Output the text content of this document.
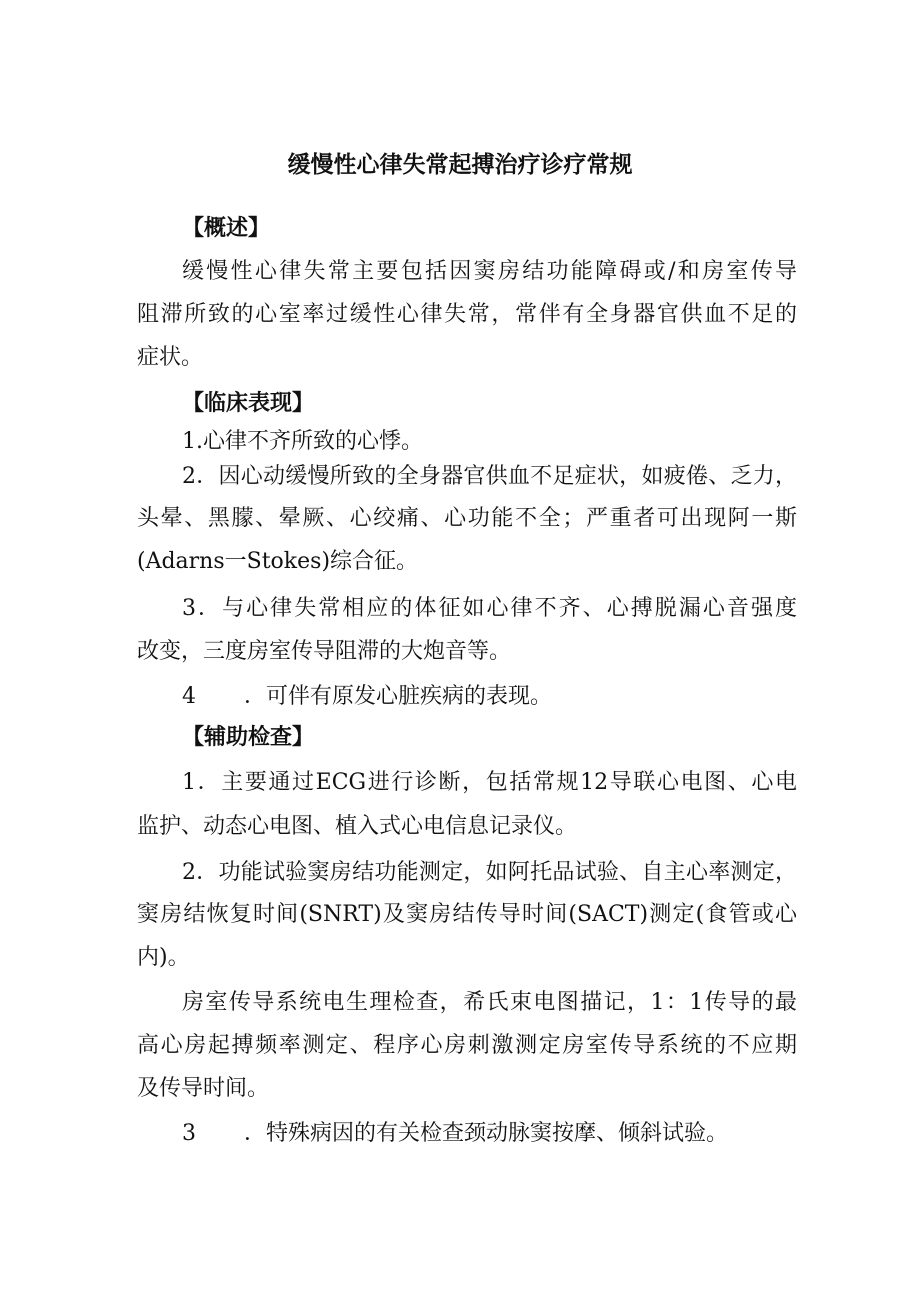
缓慢性心律失常起搏治疗诊疗常规
【概述】
缓慢性心律失常主要包括因窦房结功能障碍或/和房室传导
阻滞所致的心室率过缓性心律失常，常伴有全身器官供血不足的
症状。
【临床表现】
1.心律不齐所致的心悸。
2．因心动缓慢所致的全身器官供血不足症状，如疲倦、乏力，
头晕、黑朦、晕厥、心绞痛、心功能不全；严重者可出现阿一斯
(Adarns一Stokes)综合征。
3．与心律失常相应的体征如心律不齐、心搏脱漏心音强度
改变，三度房室传导阻滞的大炮音等。
4 ．可伴有原发心脏疾病的表现。
【辅助检查】
1．主要通过ECG进行诊断，包括常规12导联心电图、心电
监护、动态心电图、植入式心电信息记录仪。
2．功能试验窦房结功能测定，如阿托品试验、自主心率测定，
窦房结恢复时间(SNRT)及窦房结传导时间(SACT)测定(食管或心
内)。
房室传导系统电生理检查，希氏束电图描记，1：1传导的最
高心房起搏频率测定、程序心房刺激测定房室传导系统的不应期
及传导时间。
3 ．特殊病因的有关检查颈动脉窦按摩、倾斜试验。
